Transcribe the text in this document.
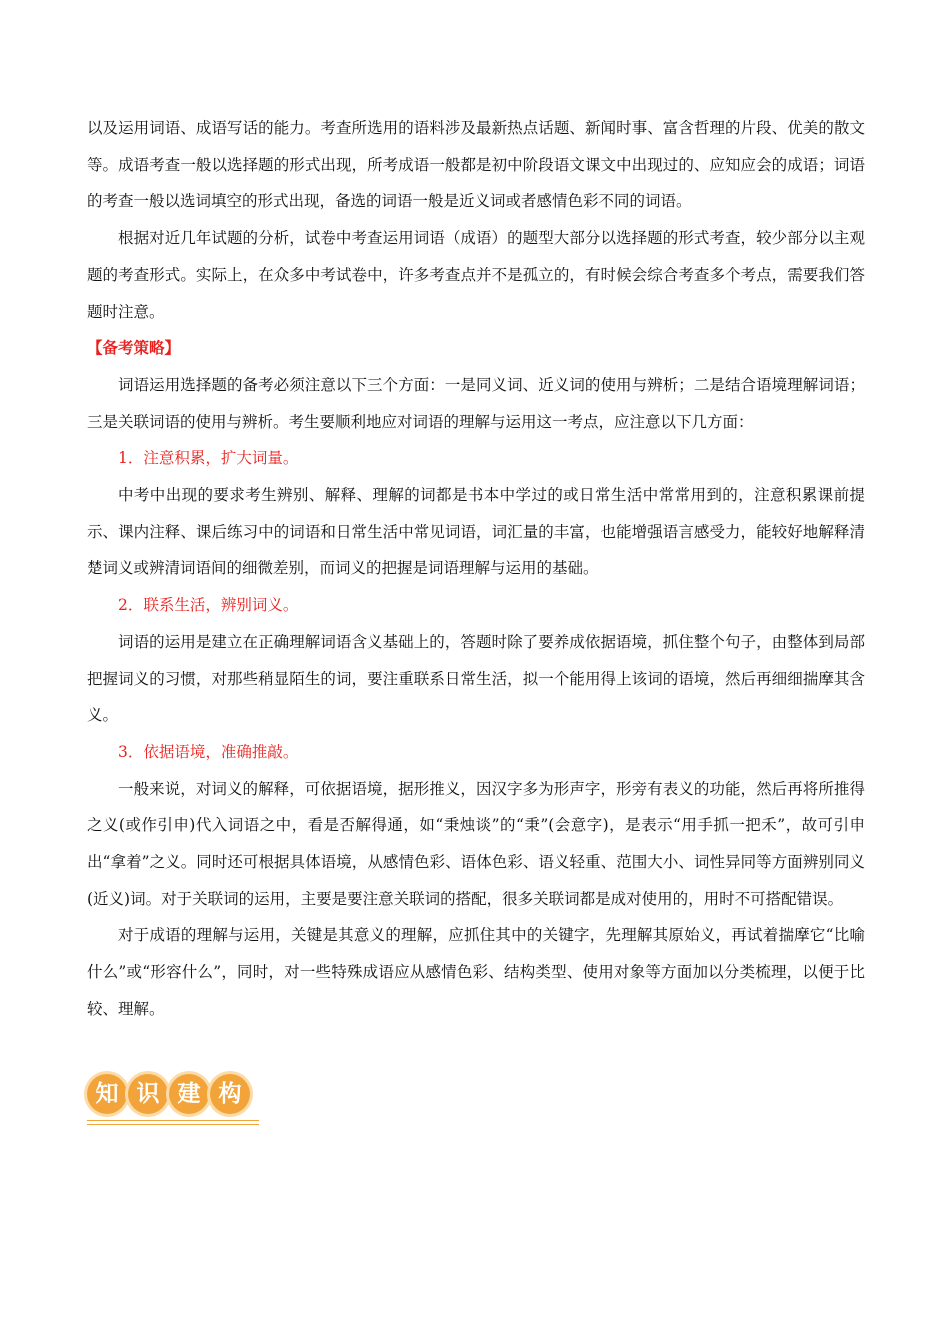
以及运用词语、成语写话的能力。考查所选用的语料涉及最新热点话题、新闻时事、富含哲理的片段、优美的散文等。成语考查一般以选择题的形式出现，所考成语一般都是初中阶段语文课文中出现过的、应知应会的成语；词语的考查一般以选词填空的形式出现，备选的词语一般是近义词或者感情色彩不同的词语。

根据对近几年试题的分析，试卷中考查运用词语（成语）的题型大部分以选择题的形式考查，较少部分以主观题的考查形式。实际上，在众多中考试卷中，许多考查点并不是孤立的，有时候会综合考查多个考点，需要我们答题时注意。

【备考策略】

词语运用选择题的备考必须注意以下三个方面：一是同义词、近义词的使用与辨析；二是结合语境理解词语；三是关联词语的使用与辨析。考生要顺利地应对词语的理解与运用这一考点，应注意以下几方面：

1．注意积累，扩大词量。

中考中出现的要求考生辨别、解释、理解的词都是书本中学过的或日常生活中常常用到的，注意积累课前提示、课内注释、课后练习中的词语和日常生活中常见词语，词汇量的丰富，也能增强语言感受力，能较好地解释清楚词义或辨清词语间的细微差别，而词义的把握是词语理解与运用的基础。

2．联系生活，辨别词义。

词语的运用是建立在正确理解词语含义基础上的，答题时除了要养成依据语境，抓住整个句子，由整体到局部把握词义的习惯，对那些稍显陌生的词，要注重联系日常生活，拟一个能用得上该词的语境，然后再细细揣摩其含义。

3．依据语境，准确推敲。

一般来说，对词义的解释，可依据语境，据形推义，因汉字多为形声字，形旁有表义的功能，然后再将所推得之义(或作引申)代入词语之中，看是否解得通，如“秉烛谈”的“秉”(会意字)，是表示“用手抓一把禾”，故可引申出“拿着”之义。同时还可根据具体语境，从感情色彩、语体色彩、语义轻重、范围大小、词性异同等方面辨别同义(近义)词。对于关联词的运用，主要是要注意关联词的搭配，很多关联词都是成对使用的，用时不可搭配错误。

对于成语的理解与运用，关键是其意义的理解，应抓住其中的关键字，先理解其原始义，再试着揣摩它“比喻什么”或“形容什么”，同时，对一些特殊成语应从感情色彩、结构类型、使用对象等方面加以分类梳理，以便于比较、理解。

知 识 建 构
